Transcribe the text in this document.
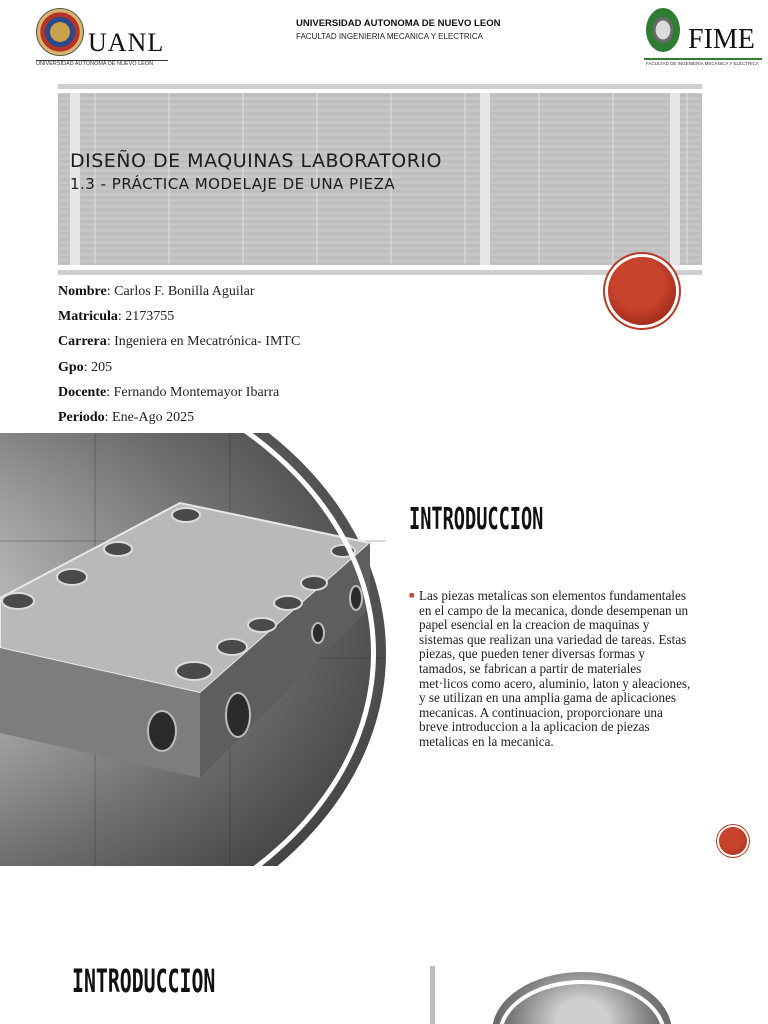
UANL
UNIVERSIDAD AUTÓNOMA DE NUEVO LEÓN
UNIVERSIDAD AUTONOMA DE NUEVO LEON
FACULTAD INGENIERIA MECANICA Y ELECTRICA	FIME
FACULTAD DE INGENIERÍA MECÁNICA Y ELÉCTRICA
DISEÑO DE MAQUINAS LABORATORIO
1.3 - PRÁCTICA MODELAJE DE UNA PIEZA
Nombre: Carlos F. Bonilla Aguilar
Matricula: 2173755
Carrera: Ingeniera en Mecatrónica- IMTC
Gpo: 205
Docente: Fernando Montemayor Ibarra
Periodo: Ene-Ago 2025
INTRODUCCION
■ Las piezas metalicas son elementos fundamentales en el campo de la mecanica, donde desempenan un papel esencial en la creacion de maquinas y sistemas que realizan una variedad de tareas. Estas piezas, que pueden tener diversas formas y tamados, se fabrican a partir de materiales met·licos como acero, aluminio, laton y aleaciones, y se utilizan en una amplia gama de aplicaciones mecanicas. A continuacion, proporcionare una breve introduccion a la aplicacion de piezas metalicas en la mecanica.
INTRODUCCION
